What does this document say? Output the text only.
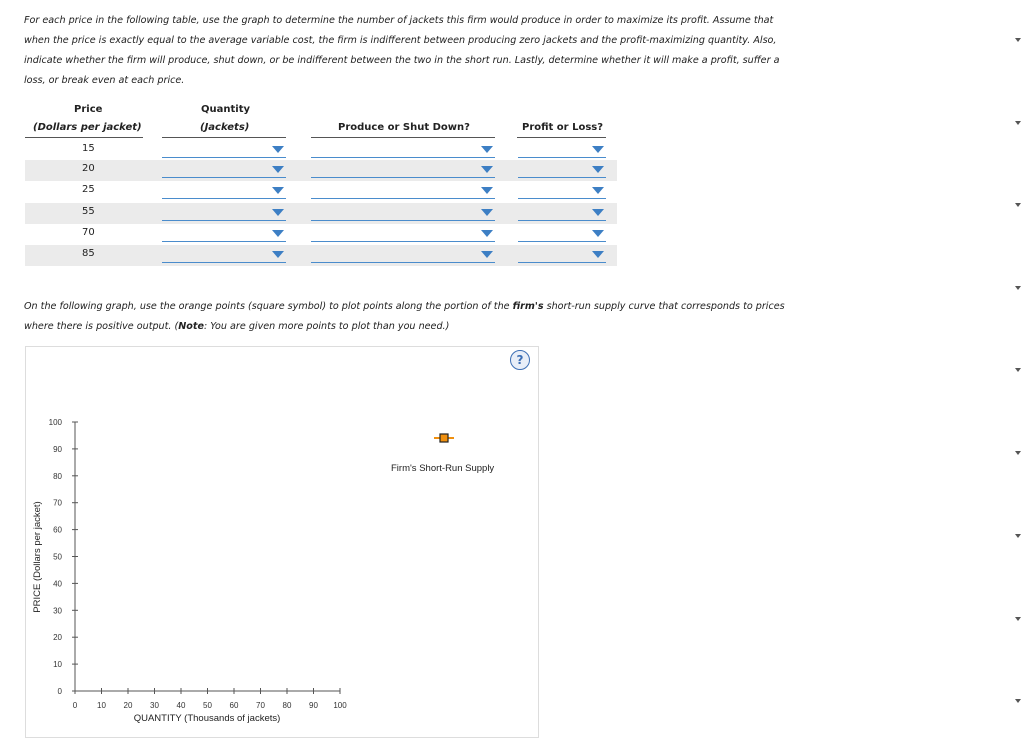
For each price in the following table, use the graph to determine the number of jackets this firm would produce in order to maximize its profit. Assume that when the price is exactly equal to the average variable cost, the firm is indifferent between producing zero jackets and the profit-maximizing quantity. Also, indicate whether the firm will produce, shut down, or be indifferent between the two in the short run. Lastly, determine whether it will make a profit, suffer a loss, or break even at each price.

Price
(Dollars per jacket)
Quantity
(Jackets)	Produce or Shut Down?	Profit or Loss?
15
20
25
55
70
85

On the following graph, use the orange points (square symbol) to plot points along the portion of the firm's short-run supply curve that corresponds to prices where there is positive output. (Note: You are given more points to plot than you need.)

?
0
10
20
30
40
50
60
70
80
90
100
0 10 20 30 40 50 60 70 80 90 100
QUANTITY (Thousands of jackets)
PRICE (Dollars per jacket)
Firm's Short-Run Supply
